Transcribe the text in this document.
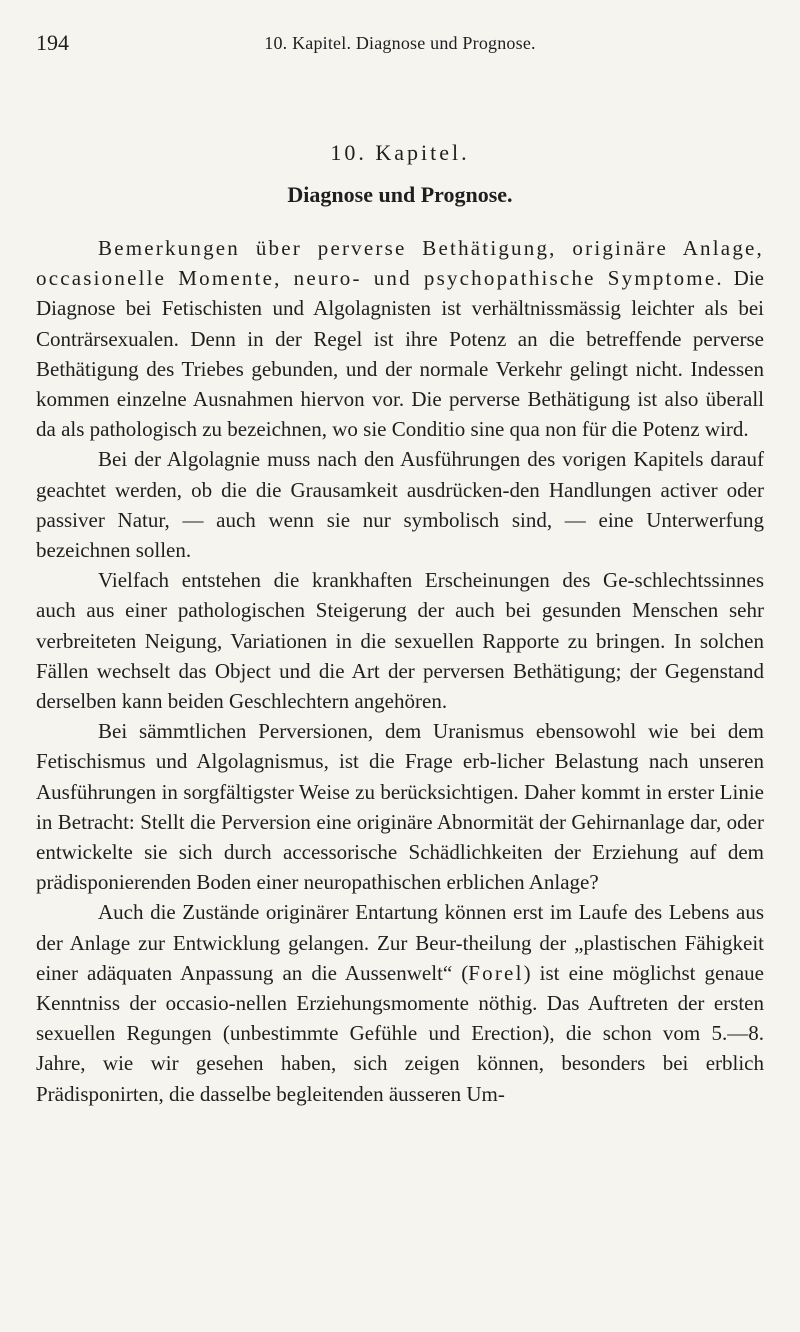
194	10. Kapitel. Diagnose und Prognose.
10. Kapitel.
Diagnose und Prognose.

Bemerkungen über perverse Bethätigung, originäre Anlage, occasionelle Momente, neuro- und psychopathische Symptome. Die Diagnose bei Fetischisten und Algolagnisten ist verhältnissmässig leichter als bei Conträrsexualen. Denn in der Regel ist ihre Potenz an die betreffende perverse Bethätigung des Triebes gebunden, und der normale Verkehr gelingt nicht. Indessen kommen einzelne Ausnahmen hiervon vor. Die perverse Bethätigung ist also überall da als pathologisch zu bezeichnen, wo sie Conditio sine qua non für die Potenz wird.

Bei der Algolagnie muss nach den Ausführungen des vorigen Kapitels darauf geachtet werden, ob die die Grausamkeit ausdrücken-den Handlungen activer oder passiver Natur, — auch wenn sie nur symbolisch sind, — eine Unterwerfung bezeichnen sollen.

Vielfach entstehen die krankhaften Erscheinungen des Ge-schlechtssinnes auch aus einer pathologischen Steigerung der auch bei gesunden Menschen sehr verbreiteten Neigung, Variationen in die sexuellen Rapporte zu bringen. In solchen Fällen wechselt das Object und die Art der perversen Bethätigung; der Gegenstand derselben kann beiden Geschlechtern angehören.

Bei sämmtlichen Perversionen, dem Uranismus ebensowohl wie bei dem Fetischismus und Algolagnismus, ist die Frage erb-licher Belastung nach unseren Ausführungen in sorgfältigster Weise zu berücksichtigen. Daher kommt in erster Linie in Betracht: Stellt die Perversion eine originäre Abnormität der Gehirnanlage dar, oder entwickelte sie sich durch accessorische Schädlichkeiten der Erziehung auf dem prädisponierenden Boden einer neuropathischen erblichen Anlage?

Auch die Zustände originärer Entartung können erst im Laufe des Lebens aus der Anlage zur Entwicklung gelangen. Zur Beur-theilung der „plastischen Fähigkeit einer adäquaten Anpassung an die Aussenwelt“ (Forel) ist eine möglichst genaue Kenntniss der occasio-nellen Erziehungsmomente nöthig. Das Auftreten der ersten sexuellen Regungen (unbestimmte Gefühle und Erection), die schon vom 5.—8. Jahre, wie wir gesehen haben, sich zeigen können, besonders bei erblich Prädisponirten, die dasselbe begleitenden äusseren Um-
